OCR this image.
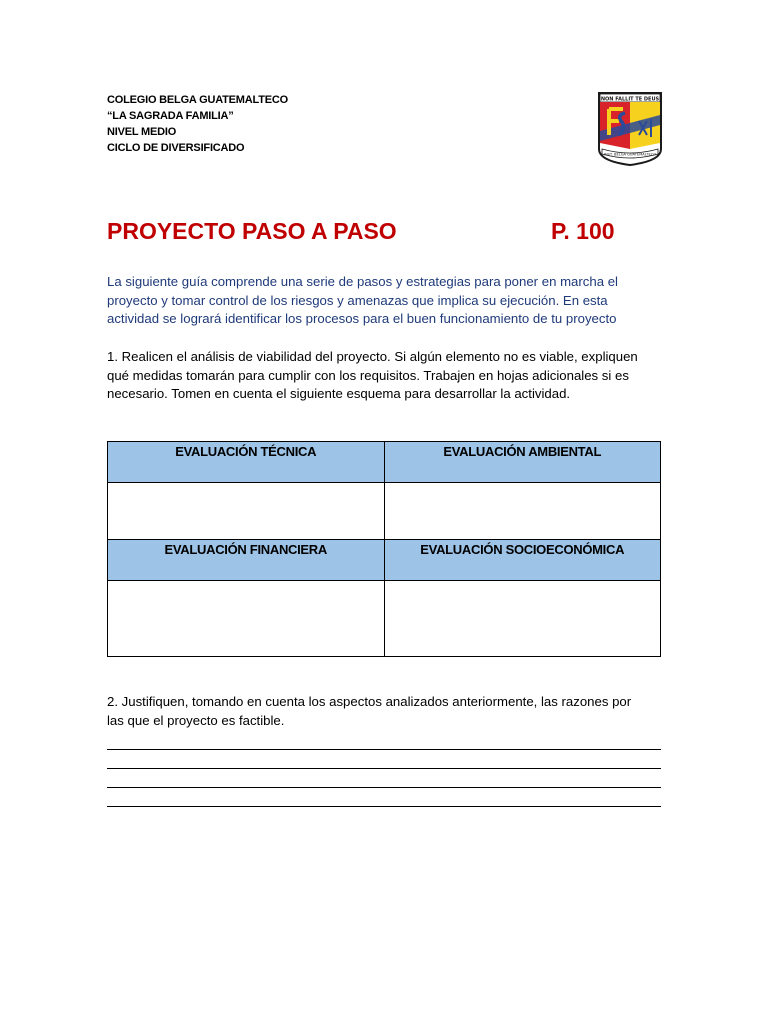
COLEGIO BELGA GUATEMALTECO
“LA SAGRADA FAMILIA”
NIVEL MEDIO
CICLO DE DIVERSIFICADO
NON FALLIT TE DEUS
INST. BELGA GUATEMALTECO
PROYECTO PASO A PASO	P. 100
La siguiente guía comprende una serie de pasos y estrategias para poner en marcha el
proyecto y tomar control de los riesgos y amenazas que implica su ejecución. En esta
actividad se logrará identificar los procesos para el buen funcionamiento de tu proyecto
1. Realicen el análisis de viabilidad del proyecto. Si algún elemento no es viable, expliquen
qué medidas tomarán para cumplir con los requisitos. Trabajen en hojas adicionales si es
necesario. Tomen en cuenta el siguiente esquema para desarrollar la actividad.
EVALUACIÓN TÉCNICA	EVALUACIÓN AMBIENTAL

EVALUACIÓN FINANCIERA	EVALUACIÓN SOCIOECONÓMICA

2. Justifiquen, tomando en cuenta los aspectos analizados anteriormente, las razones por
las que el proyecto es factible.
